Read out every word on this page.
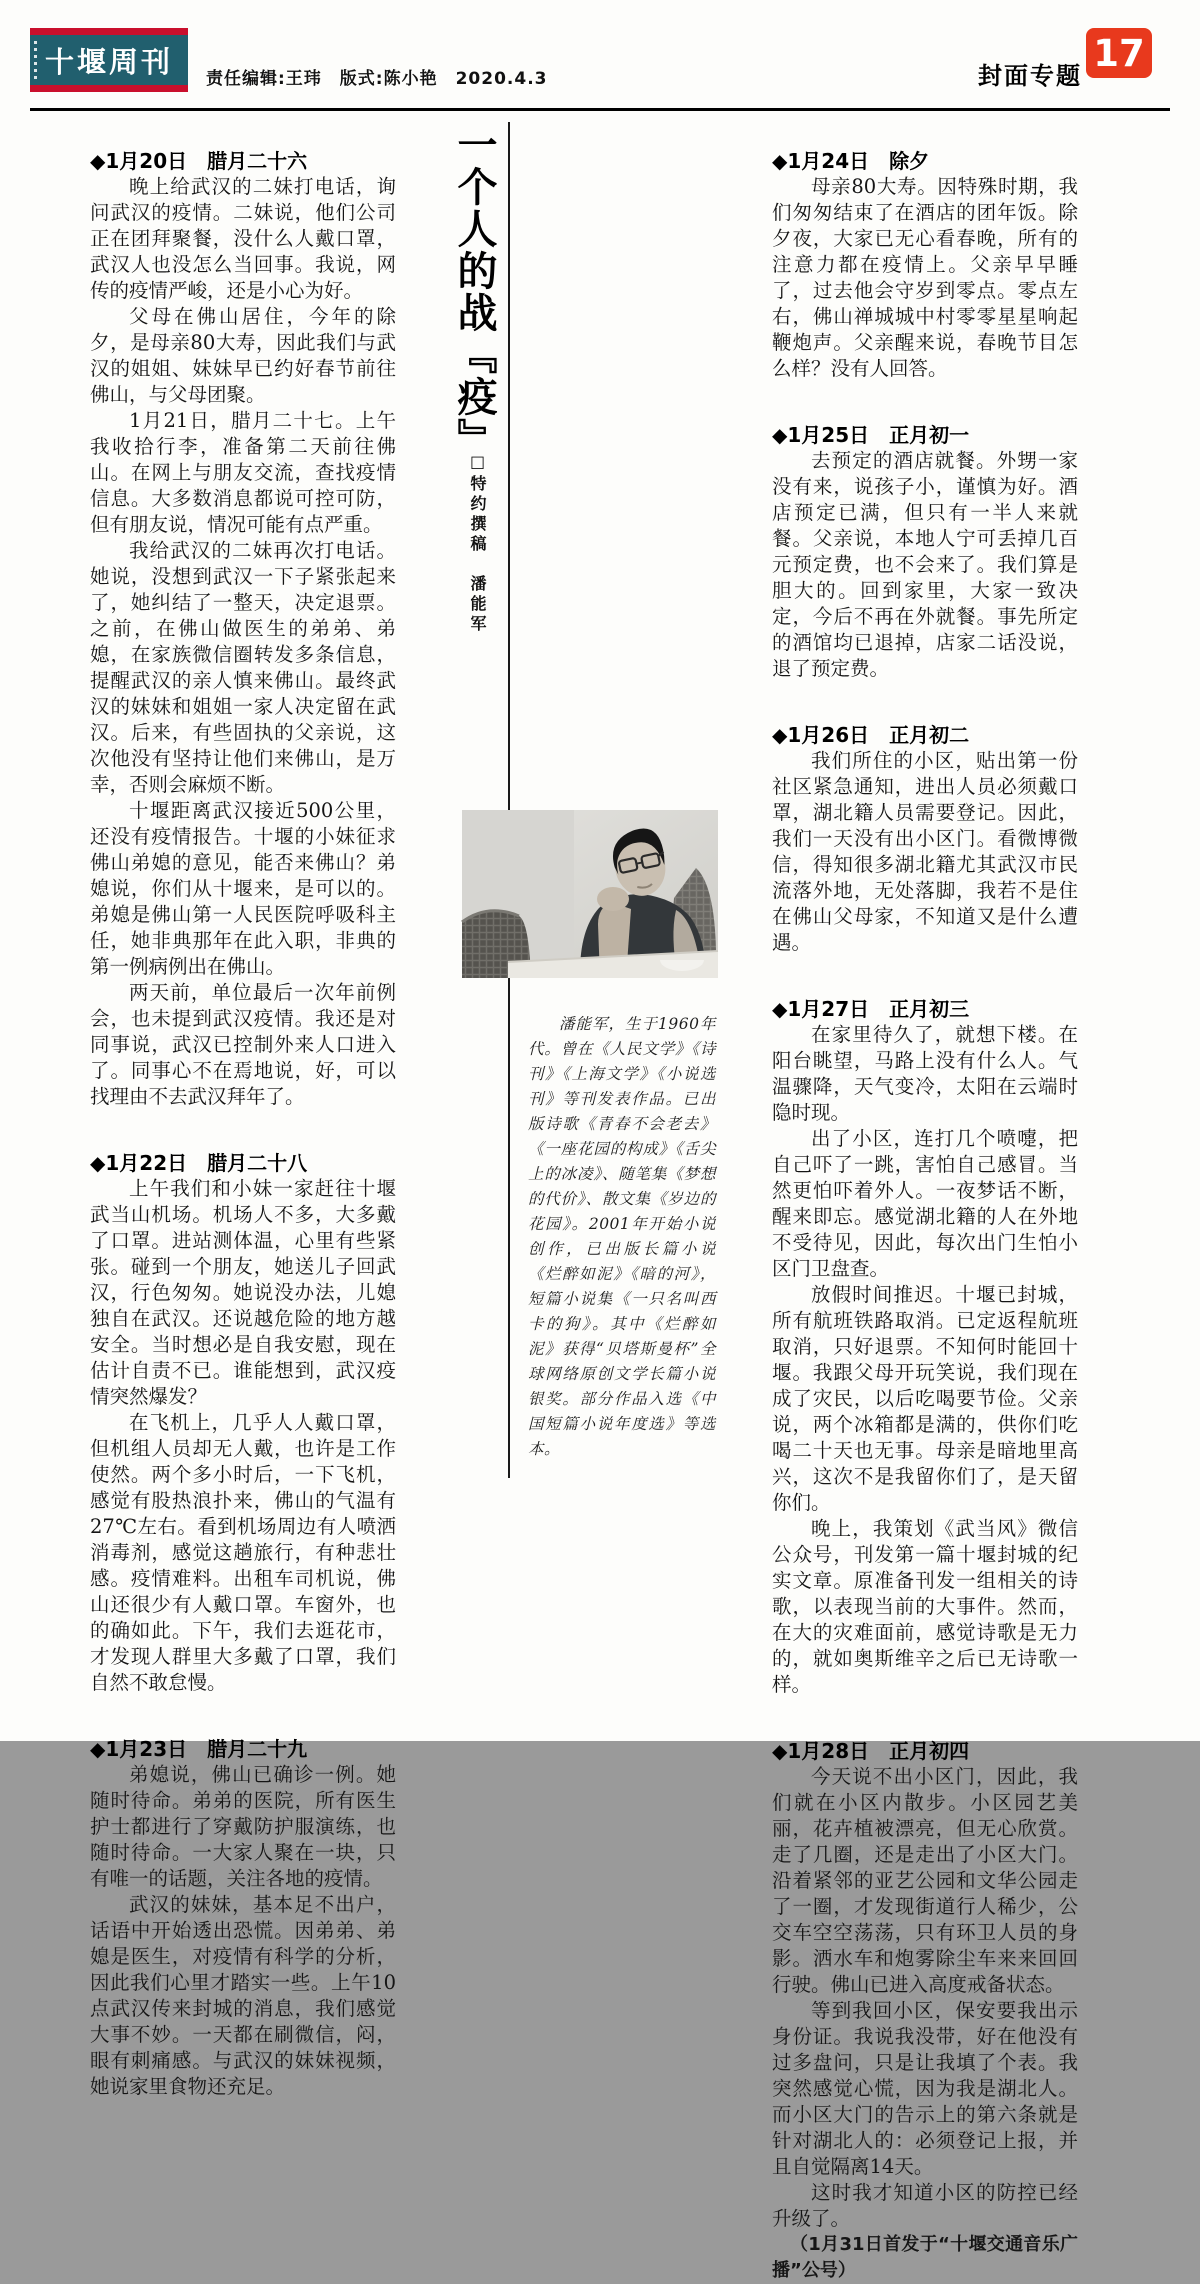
十堰周刊
责任编辑:王玮　版式:陈小艳　2020.4.3	封面专题
17
一个人的战『疫』
□特约撰稿　潘能军

潘能军，生于1960年代。曾在《人民文学》《诗刊》《上海文学》《小说选刊》等刊发表作品。已出版诗歌《青春不会老去》《一座花园的构成》《舌尖上的冰凌》、随笔集《梦想的代价》、散文集《岁边的花园》。2001年开始小说创作，已出版长篇小说《烂醉如泥》《暗的河》，短篇小说集《一只名叫西卡的狗》。其中《烂醉如泥》获得“贝塔斯曼杯”全球网络原创文学长篇小说银奖。部分作品入选《中国短篇小说年度选》等选本。

◆1月20日　腊月二十六

晚上给武汉的二妹打电话，询问武汉的疫情。二妹说，他们公司正在团拜聚餐，没什么人戴口罩，武汉人也没怎么当回事。我说，网传的疫情严峻，还是小心为好。

父母在佛山居住，今年的除夕，是母亲80大寿，因此我们与武汉的姐姐、妹妹早已约好春节前往佛山，与父母团聚。

1月21日，腊月二十七。上午我收拾行李，准备第二天前往佛山。在网上与朋友交流，查找疫情信息。大多数消息都说可控可防，但有朋友说，情况可能有点严重。

我给武汉的二妹再次打电话。她说，没想到武汉一下子紧张起来了，她纠结了一整天，决定退票。之前，在佛山做医生的弟弟、弟媳，在家族微信圈转发多条信息，提醒武汉的亲人慎来佛山。最终武汉的妹妹和姐姐一家人决定留在武汉。后来，有些固执的父亲说，这次他没有坚持让他们来佛山，是万幸，否则会麻烦不断。

十堰距离武汉接近500公里，还没有疫情报告。十堰的小妹征求佛山弟媳的意见，能否来佛山？弟媳说，你们从十堰来，是可以的。弟媳是佛山第一人民医院呼吸科主任，她非典那年在此入职，非典的第一例病例出在佛山。

两天前，单位最后一次年前例会，也未提到武汉疫情。我还是对同事说，武汉已控制外来人口进入了。同事心不在焉地说，好，可以找理由不去武汉拜年了。

◆1月22日　腊月二十八

上午我们和小妹一家赶往十堰武当山机场。机场人不多，大多戴了口罩。进站测体温，心里有些紧张。碰到一个朋友，她送儿子回武汉，行色匆匆。她说没办法，儿媳独自在武汉。还说越危险的地方越安全。当时想必是自我安慰，现在估计自责不已。谁能想到，武汉疫情突然爆发？

在飞机上，几乎人人戴口罩，但机组人员却无人戴，也许是工作使然。两个多小时后，一下飞机，感觉有股热浪扑来，佛山的气温有27℃左右。看到机场周边有人喷洒消毒剂，感觉这趟旅行，有种悲壮感。疫情难料。出租车司机说，佛山还很少有人戴口罩。车窗外，也的确如此。下午，我们去逛花市，才发现人群里大多戴了口罩，我们自然不敢怠慢。

◆1月23日　腊月二十九

弟媳说，佛山已确诊一例。她随时待命。弟弟的医院，所有医生护士都进行了穿戴防护服演练，也随时待命。一大家人聚在一块，只有唯一的话题，关注各地的疫情。

武汉的妹妹，基本足不出户，话语中开始透出恐慌。因弟弟、弟媳是医生，对疫情有科学的分析，因此我们心里才踏实一些。上午10点武汉传来封城的消息，我们感觉大事不妙。一天都在刷微信，闷，眼有刺痛感。与武汉的妹妹视频，她说家里食物还充足。

◆1月24日　除夕

母亲80大寿。因特殊时期，我们匆匆结束了在酒店的团年饭。除夕夜，大家已无心看春晚，所有的注意力都在疫情上。父亲早早睡了，过去他会守岁到零点。零点左右，佛山禅城城中村零零星星响起鞭炮声。父亲醒来说，春晚节目怎么样？没有人回答。

◆1月25日　正月初一

去预定的酒店就餐。外甥一家没有来，说孩子小，谨慎为好。酒店预定已满，但只有一半人来就餐。父亲说，本地人宁可丢掉几百元预定费，也不会来了。我们算是胆大的。回到家里，大家一致决定，今后不再在外就餐。事先所定的酒馆均已退掉，店家二话没说，退了预定费。

◆1月26日　正月初二

我们所住的小区，贴出第一份社区紧急通知，进出人员必须戴口罩，湖北籍人员需要登记。因此，我们一天没有出小区门。看微博微信，得知很多湖北籍尤其武汉市民流落外地，无处落脚，我若不是住在佛山父母家，不知道又是什么遭遇。

◆1月27日　正月初三

在家里待久了，就想下楼。在阳台眺望，马路上没有什么人。气温骤降，天气变冷，太阳在云端时隐时现。

出了小区，连打几个喷嚏，把自己吓了一跳，害怕自己感冒。当然更怕吓着外人。一夜梦话不断，醒来即忘。感觉湖北籍的人在外地不受待见，因此，每次出门生怕小区门卫盘查。

放假时间推迟。十堰已封城，所有航班铁路取消。已定返程航班取消，只好退票。不知何时能回十堰。我跟父母开玩笑说，我们现在成了灾民，以后吃喝要节俭。父亲说，两个冰箱都是满的，供你们吃喝二十天也无事。母亲是暗地里高兴，这次不是我留你们了，是天留你们。

晚上，我策划《武当风》微信公众号，刊发第一篇十堰封城的纪实文章。原准备刊发一组相关的诗歌，以表现当前的大事件。然而，在大的灾难面前，感觉诗歌是无力的，就如奥斯维辛之后已无诗歌一样。

◆1月28日　正月初四

今天说不出小区门，因此，我们就在小区内散步。小区园艺美丽，花卉植被漂亮，但无心欣赏。走了几圈，还是走出了小区大门。沿着紧邻的亚艺公园和文华公园走了一圈，才发现街道行人稀少，公交车空空荡荡，只有环卫人员的身影。洒水车和炮雾除尘车来来回回行驶。佛山已进入高度戒备状态。

等到我回小区，保安要我出示身份证。我说我没带，好在他没有过多盘问，只是让我填了个表。我突然感觉心慌，因为我是湖北人。而小区大门的告示上的第六条就是针对湖北人的：必须登记上报，并且自觉隔离14天。

这时我才知道小区的防控已经升级了。

（1月31日首发于“十堰交通音乐广播”公号）
